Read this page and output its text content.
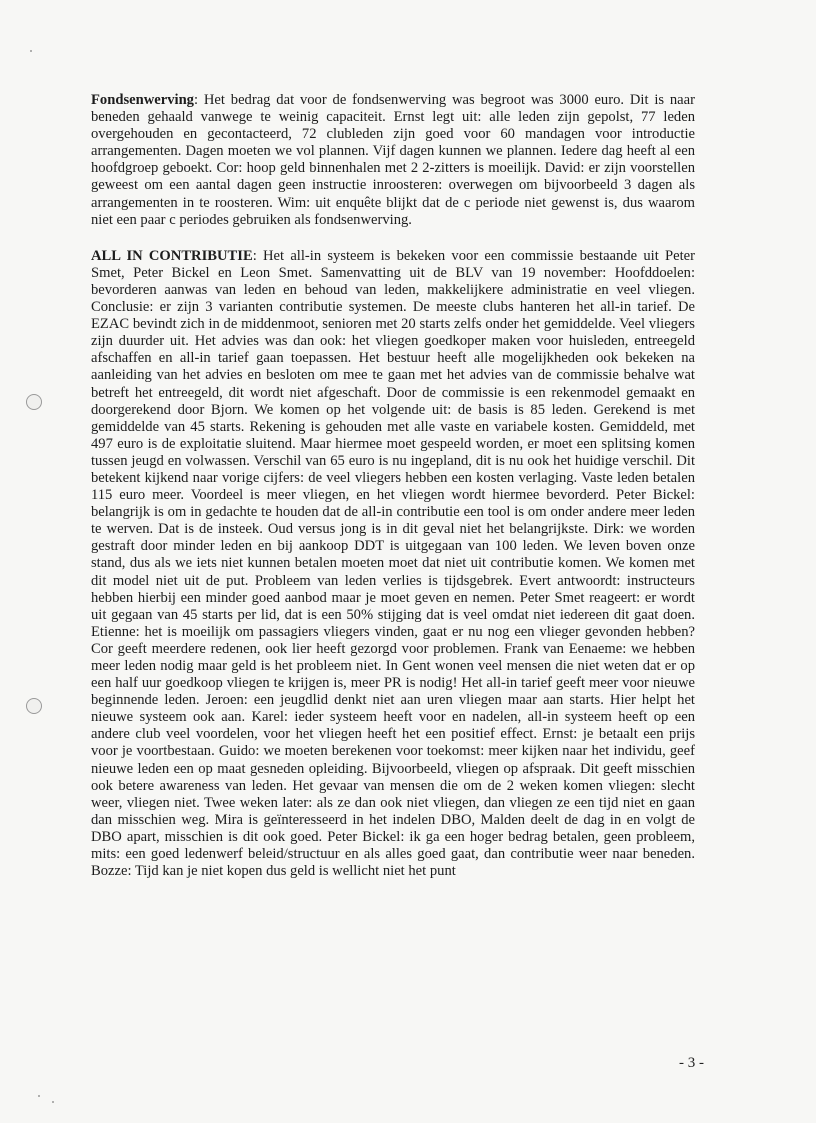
Fondsenwerving: Het bedrag dat voor de fondsenwerving was begroot was 3000 euro. Dit is naar beneden gehaald vanwege te weinig capaciteit. Ernst legt uit: alle leden zijn gepolst, 77 leden overgehouden en gecontacteerd, 72 clubleden zijn goed voor 60 mandagen voor introductie arrangementen. Dagen moeten we vol plannen. Vijf dagen kunnen we plannen. Iedere dag heeft al een hoofdgroep geboekt. Cor: hoop geld binnenhalen met 2 2-zitters is moeilijk. David: er zijn voorstellen geweest om een aantal dagen geen instructie inroosteren: overwegen om bijvoorbeeld 3 dagen als arrangementen in te roosteren. Wim: uit enquête blijkt dat de c periode niet gewenst is, dus waarom niet een paar c periodes gebruiken als fondsenwerving.

ALL IN CONTRIBUTIE: Het all-in systeem is bekeken voor een commissie bestaande uit Peter Smet, Peter Bickel en Leon Smet. Samenvatting uit de BLV van 19 november: Hoofddoelen: bevorderen aanwas van leden en behoud van leden, makkelijkere administratie en veel vliegen. Conclusie: er zijn 3 varianten contributie systemen. De meeste clubs hanteren het all-in tarief. De EZAC bevindt zich in de middenmoot, senioren met 20 starts zelfs onder het gemiddelde. Veel vliegers zijn duurder uit. Het advies was dan ook: het vliegen goedkoper maken voor huisleden, entreegeld afschaffen en all-in tarief gaan toepassen. Het bestuur heeft alle mogelijkheden ook bekeken na aanleiding van het advies en besloten om mee te gaan met het advies van de commissie behalve wat betreft het entreegeld, dit wordt niet afgeschaft. Door de commissie is een rekenmodel gemaakt en doorgerekend door Bjorn. We komen op het volgende uit: de basis is 85 leden. Gerekend is met gemiddelde van 45 starts. Rekening is gehouden met alle vaste en variabele kosten. Gemiddeld, met 497 euro is de exploitatie sluitend. Maar hiermee moet gespeeld worden, er moet een splitsing komen tussen jeugd en volwassen. Verschil van 65 euro is nu ingepland, dit is nu ook het huidige verschil. Dit betekent kijkend naar vorige cijfers: de veel vliegers hebben een kosten verlaging. Vaste leden betalen 115 euro meer. Voordeel is meer vliegen, en het vliegen wordt hiermee bevorderd. Peter Bickel: belangrijk is om in gedachte te houden dat de all-in contributie een tool is om onder andere meer leden te werven. Dat is de insteek. Oud versus jong is in dit geval niet het belangrijkste. Dirk: we worden gestraft door minder leden en bij aankoop DDT is uitgegaan van 100 leden. We leven boven onze stand, dus als we iets niet kunnen betalen moeten moet dat niet uit contributie komen. We komen met dit model niet uit de put. Probleem van leden verlies is tijdsgebrek. Evert antwoordt: instructeurs hebben hierbij een minder goed aanbod maar je moet geven en nemen. Peter Smet reageert: er wordt uit gegaan van 45 starts per lid, dat is een 50% stijging dat is veel omdat niet iedereen dit gaat doen. Etienne: het is moeilijk om passagiers vliegers vinden, gaat er nu nog een vlieger gevonden hebben? Cor geeft meerdere redenen, ook lier heeft gezorgd voor problemen. Frank van Eenaeme: we hebben meer leden nodig maar geld is het probleem niet. In Gent wonen veel mensen die niet weten dat er op een half uur goedkoop vliegen te krijgen is, meer PR is nodig! Het all-in tarief geeft meer voor nieuwe beginnende leden. Jeroen: een jeugdlid denkt niet aan uren vliegen maar aan starts. Hier helpt het nieuwe systeem ook aan. Karel: ieder systeem heeft voor en nadelen, all-in systeem heeft op een andere club veel voordelen, voor het vliegen heeft het een positief effect. Ernst: je betaalt een prijs voor je voortbestaan. Guido: we moeten berekenen voor toekomst: meer kijken naar het individu, geef nieuwe leden een op maat gesneden opleiding. Bijvoorbeeld, vliegen op afspraak. Dit geeft misschien ook betere awareness van leden. Het gevaar van mensen die om de 2 weken komen vliegen: slecht weer, vliegen niet. Twee weken later: als ze dan ook niet vliegen, dan vliegen ze een tijd niet en gaan dan misschien weg. Mira is geïnteresseerd in het indelen DBO, Malden deelt de dag in en volgt de DBO apart, misschien is dit ook goed. Peter Bickel: ik ga een hoger bedrag betalen, geen probleem, mits: een goed ledenwerf beleid/structuur en als alles goed gaat, dan contributie weer naar beneden. Bozze: Tijd kan je niet kopen dus geld is wellicht niet het punt

- 3 -
